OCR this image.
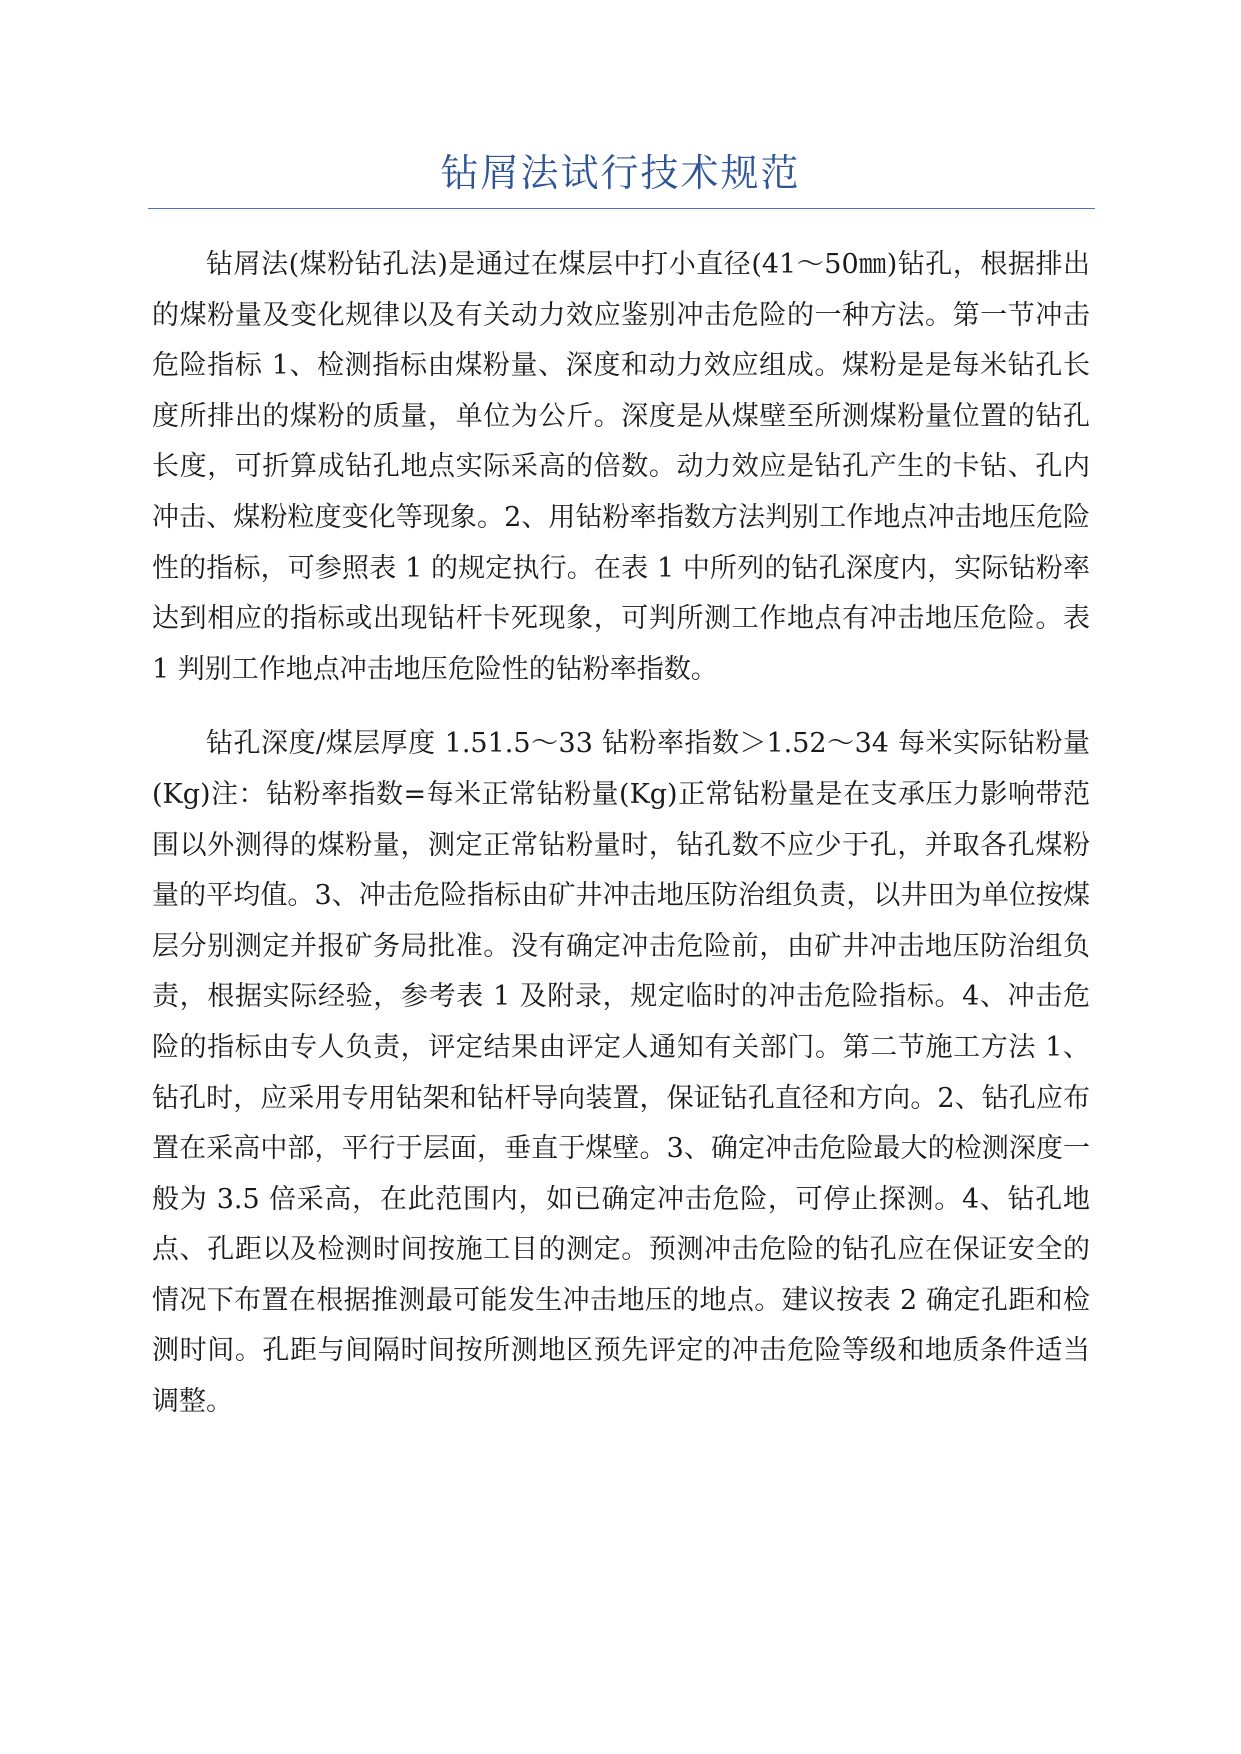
钻屑法试行技术规范

钻屑法(煤粉钻孔法)是通过在煤层中打小直径(41～50㎜)钻孔，根据排出的煤粉量及变化规律以及有关动力效应鉴别冲击危险的一种方法。第一节冲击危险指标 1、检测指标由煤粉量、深度和动力效应组成。煤粉是是每米钻孔长度所排出的煤粉的质量，单位为公斤。深度是从煤壁至所测煤粉量位置的钻孔长度，可折算成钻孔地点实际采高的倍数。动力效应是钻孔产生的卡钻、孔内冲击、煤粉粒度变化等现象。2、用钻粉率指数方法判别工作地点冲击地压危险性的指标，可参照表 1 的规定执行。在表 1 中所列的钻孔深度内，实际钻粉率达到相应的指标或出现钻杆卡死现象，可判所测工作地点有冲击地压危险。表 1 判别工作地点冲击地压危险性的钻粉率指数。

钻孔深度/煤层厚度 1.51.5～33 钻粉率指数＞1.52～34 每米实际钻粉量(Kg)注：钻粉率指数=每米正常钻粉量(Kg)正常钻粉量是在支承压力影响带范围以外测得的煤粉量，测定正常钻粉量时，钻孔数不应少于孔，并取各孔煤粉量的平均值。3、冲击危险指标由矿井冲击地压防治组负责，以井田为单位按煤层分别测定并报矿务局批准。没有确定冲击危险前，由矿井冲击地压防治组负责，根据实际经验，参考表 1 及附录，规定临时的冲击危险指标。4、冲击危险的指标由专人负责，评定结果由评定人通知有关部门。第二节施工方法 1、钻孔时，应采用专用钻架和钻杆导向装置，保证钻孔直径和方向。2、钻孔应布置在采高中部，平行于层面，垂直于煤壁。3、确定冲击危险最大的检测深度一般为 3.5 倍采高，在此范围内，如已确定冲击危险，可停止探测。4、钻孔地点、孔距以及检测时间按施工目的测定。预测冲击危险的钻孔应在保证安全的情况下布置在根据推测最可能发生冲击地压的地点。建议按表 2 确定孔距和检测时间。孔距与间隔时间按所测地区预先评定的冲击危险等级和地质条件适当调整。
